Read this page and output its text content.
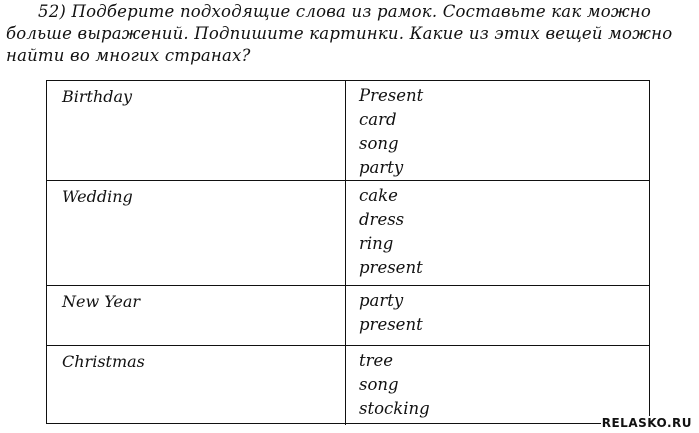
52) Подберите подходящие слова из рамок. Составьте как можно
больше выражений. Подпишите картинки. Какие из этих вещей можно
найти во многих странах?
Birthday	Present
card
song
party
Wedding	cake
dress
ring
present
New Year	party
present
Christmas	tree
song
stocking
RELASKO.RU
